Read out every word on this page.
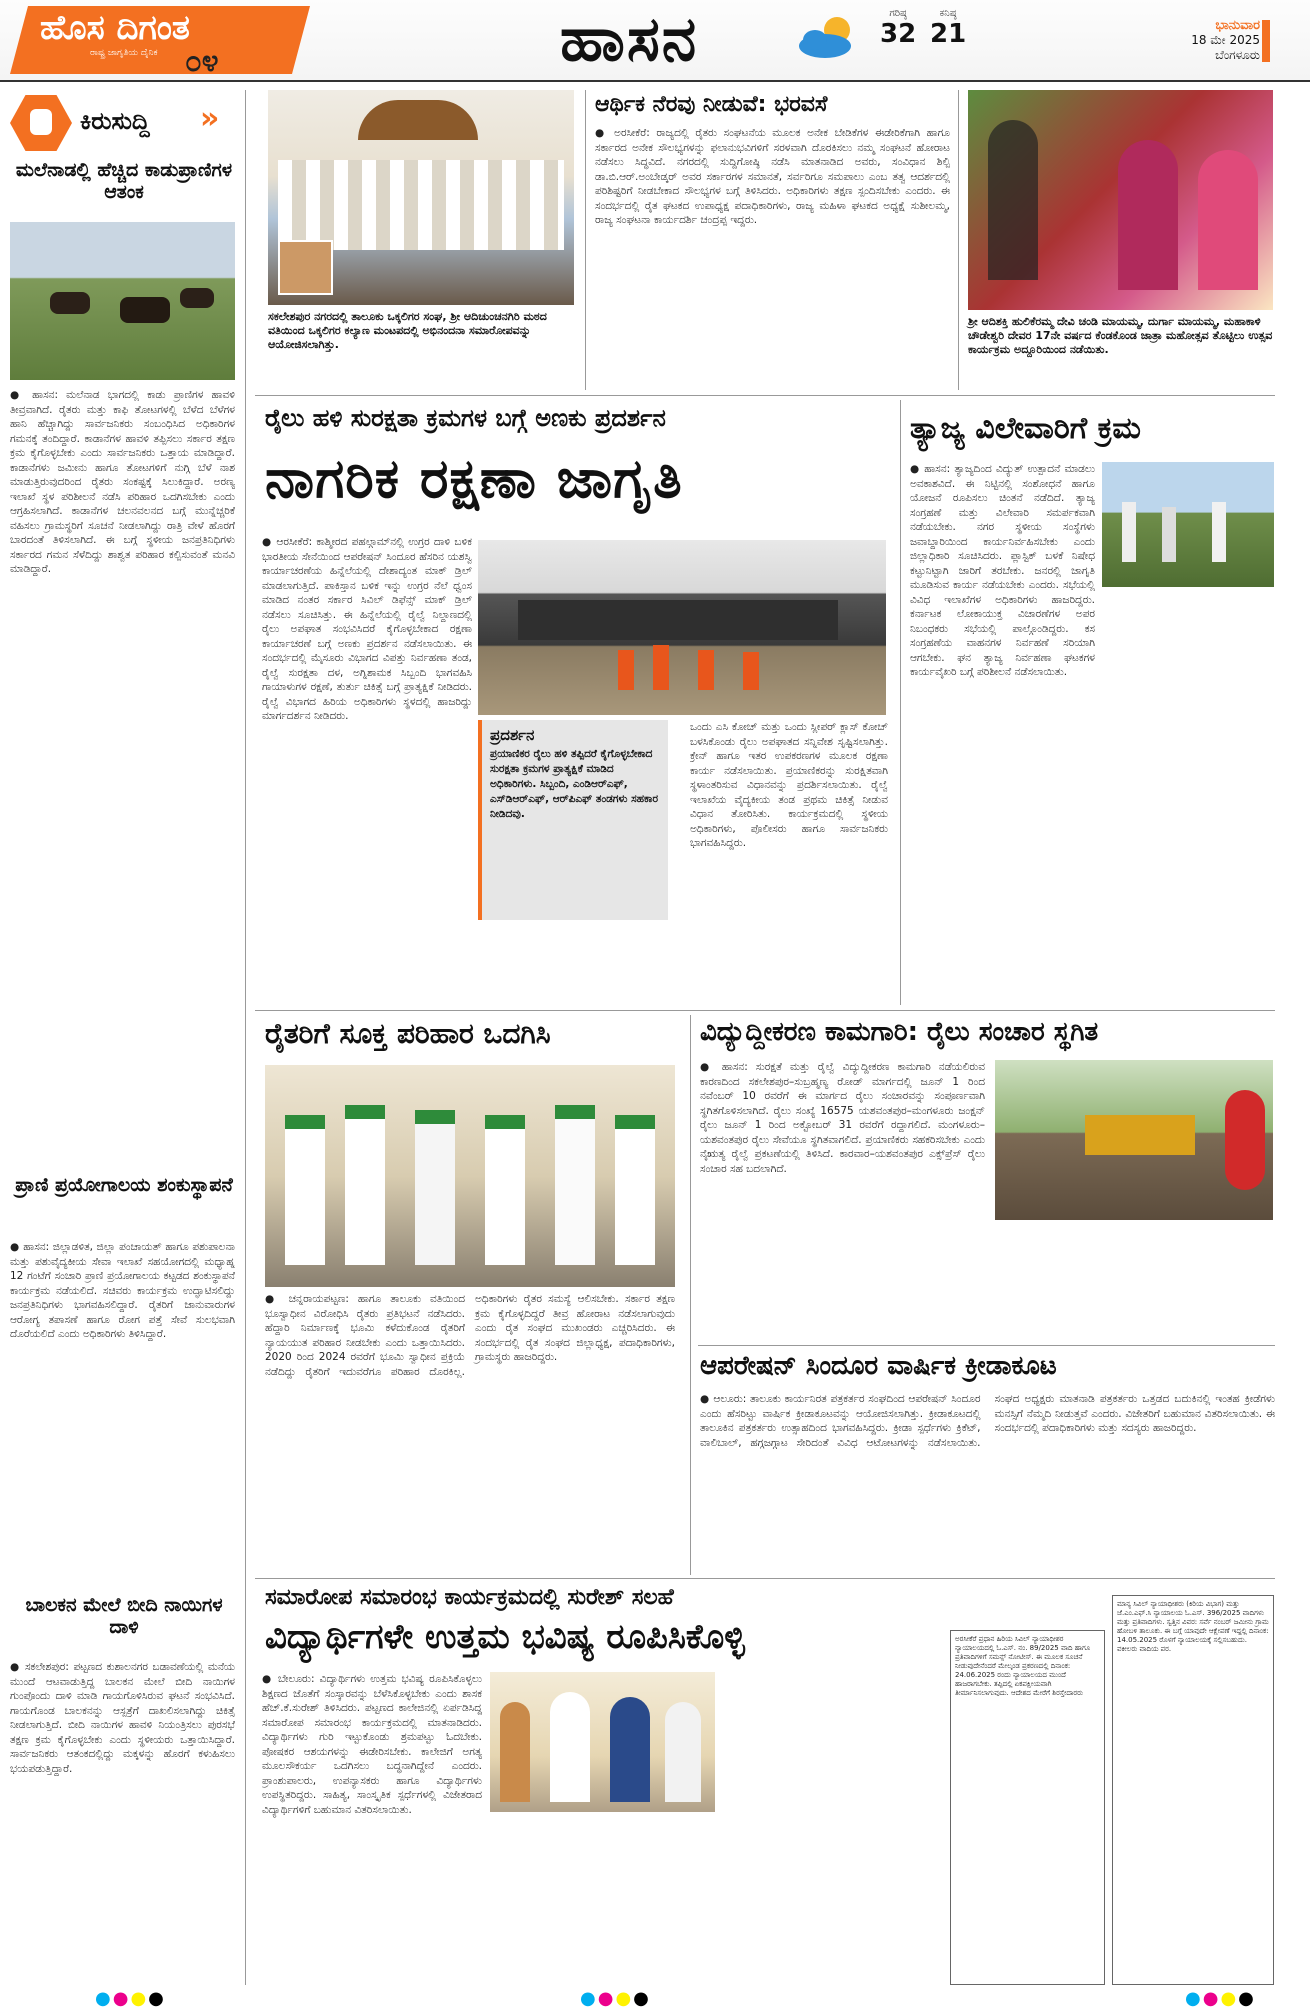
ಹೊಸ ದಿಗಂತ
ರಾಷ್ಟ್ರ ಜಾಗೃತಿಯ ದೈನಿಕ ೦೪	ಹಾಸನ	ಗರಿಷ್ಠ
32
ಕನಿಷ್ಠ
21	ಭಾನುವಾರ
18 ಮೇ 2025
ಬೆಂಗಳೂರು
ಕಿರುಸುದ್ದಿ »
ಮಲೆನಾಡಲ್ಲಿ ಹೆಚ್ಚಿದ ಕಾಡುಪ್ರಾಣಿಗಳ ಆತಂಕ
● ಹಾಸನ: ಮಲೆನಾಡ ಭಾಗದಲ್ಲಿ ಕಾಡು ಪ್ರಾಣಿಗಳ ಹಾವಳಿ ತೀವ್ರವಾಗಿದೆ. ರೈತರು ಮತ್ತು ಕಾಫಿ ತೋಟಗಳಲ್ಲಿ ಬೆಳೆದ ಬೆಳೆಗಳ ಹಾನಿ ಹೆಚ್ಚಾಗಿದ್ದು ಸಾರ್ವಜನಿಕರು ಸಂಬಂಧಿಸಿದ ಅಧಿಕಾರಿಗಳ ಗಮನಕ್ಕೆ ತಂದಿದ್ದಾರೆ. ಕಾಡಾನೆಗಳ ಹಾವಳಿ ತಪ್ಪಿಸಲು ಸರ್ಕಾರ ತಕ್ಷಣ ಕ್ರಮ ಕೈಗೊಳ್ಳಬೇಕು ಎಂದು ಸಾರ್ವಜನಿಕರು ಒತ್ತಾಯ ಮಾಡಿದ್ದಾರೆ. ಕಾಡಾನೆಗಳು ಜಮೀನು ಹಾಗೂ ತೋಟಗಳಿಗೆ ನುಗ್ಗಿ ಬೆಳೆ ನಾಶ ಮಾಡುತ್ತಿರುವುದರಿಂದ ರೈತರು ಸಂಕಷ್ಟಕ್ಕೆ ಸಿಲುಕಿದ್ದಾರೆ. ಅರಣ್ಯ ಇಲಾಖೆ ಸ್ಥಳ ಪರಿಶೀಲನೆ ನಡೆಸಿ ಪರಿಹಾರ ಒದಗಿಸಬೇಕು ಎಂದು ಆಗ್ರಹಿಸಲಾಗಿದೆ. ಕಾಡಾನೆಗಳ ಚಲನವಲನದ ಬಗ್ಗೆ ಮುನ್ನೆಚ್ಚರಿಕೆ ವಹಿಸಲು ಗ್ರಾಮಸ್ಥರಿಗೆ ಸೂಚನೆ ನೀಡಲಾಗಿದ್ದು ರಾತ್ರಿ ವೇಳೆ ಹೊರಗೆ ಬಾರದಂತೆ ತಿಳಿಸಲಾಗಿದೆ. ಈ ಬಗ್ಗೆ ಸ್ಥಳೀಯ ಜನಪ್ರತಿನಿಧಿಗಳು ಸರ್ಕಾರದ ಗಮನ ಸೆಳೆದಿದ್ದು ಶಾಶ್ವತ ಪರಿಹಾರ ಕಲ್ಪಿಸುವಂತೆ ಮನವಿ ಮಾಡಿದ್ದಾರೆ.
ಪ್ರಾಣಿ ಪ್ರಯೋಗಾಲಯ ಶಂಕುಸ್ಥಾಪನೆ
● ಹಾಸನ: ಜಿಲ್ಲಾಡಳಿತ, ಜಿಲ್ಲಾ ಪಂಚಾಯತ್ ಹಾಗೂ ಪಶುಪಾಲನಾ ಮತ್ತು ಪಶುವೈದ್ಯಕೀಯ ಸೇವಾ ಇಲಾಖೆ ಸಹಯೋಗದಲ್ಲಿ ಮಧ್ಯಾಹ್ನ 12 ಗಂಟೆಗೆ ಸಂಚಾರಿ ಪ್ರಾಣಿ ಪ್ರಯೋಗಾಲಯ ಕಟ್ಟಡದ ಶಂಕುಸ್ಥಾಪನೆ ಕಾರ್ಯಕ್ರಮ ನಡೆಯಲಿದೆ. ಸಚಿವರು ಕಾರ್ಯಕ್ರಮ ಉದ್ಘಾಟಿಸಲಿದ್ದು ಜನಪ್ರತಿನಿಧಿಗಳು ಭಾಗವಹಿಸಲಿದ್ದಾರೆ. ರೈತರಿಗೆ ಜಾನುವಾರುಗಳ ಆರೋಗ್ಯ ತಪಾಸಣೆ ಹಾಗೂ ರೋಗ ಪತ್ತೆ ಸೇವೆ ಸುಲಭವಾಗಿ ದೊರೆಯಲಿದೆ ಎಂದು ಅಧಿಕಾರಿಗಳು ತಿಳಿಸಿದ್ದಾರೆ.
ಬಾಲಕನ ಮೇಲೆ ಬೀದಿ ನಾಯಿಗಳ ದಾಳಿ
● ಸಕಲೇಶಪುರ: ಪಟ್ಟಣದ ಕುಶಾಲನಗರ ಬಡಾವಣೆಯಲ್ಲಿ ಮನೆಯ ಮುಂದೆ ಆಟವಾಡುತ್ತಿದ್ದ ಬಾಲಕನ ಮೇಲೆ ಬೀದಿ ನಾಯಿಗಳ ಗುಂಪೊಂದು ದಾಳಿ ಮಾಡಿ ಗಾಯಗೊಳಿಸಿರುವ ಘಟನೆ ಸಂಭವಿಸಿದೆ. ಗಾಯಗೊಂಡ ಬಾಲಕನನ್ನು ಆಸ್ಪತ್ರೆಗೆ ದಾಖಲಿಸಲಾಗಿದ್ದು ಚಿಕಿತ್ಸೆ ನೀಡಲಾಗುತ್ತಿದೆ. ಬೀದಿ ನಾಯಿಗಳ ಹಾವಳಿ ನಿಯಂತ್ರಿಸಲು ಪುರಸಭೆ ತಕ್ಷಣ ಕ್ರಮ ಕೈಗೊಳ್ಳಬೇಕು ಎಂದು ಸ್ಥಳೀಯರು ಒತ್ತಾಯಿಸಿದ್ದಾರೆ. ಸಾರ್ವಜನಿಕರು ಆತಂಕದಲ್ಲಿದ್ದು ಮಕ್ಕಳನ್ನು ಹೊರಗೆ ಕಳುಹಿಸಲು ಭಯಪಡುತ್ತಿದ್ದಾರೆ.
ಸಕಲೇಶಪುರ ನಗರದಲ್ಲಿ ತಾಲೂಕು ಒಕ್ಕಲಿಗರ ಸಂಘ, ಶ್ರೀ ಆದಿಚುಂಚನಗಿರಿ ಮಠದ ವತಿಯಿಂದ ಒಕ್ಕಲಿಗರ ಕಲ್ಯಾಣ ಮಂಟಪದಲ್ಲಿ ಅಭಿನಂದನಾ ಸಮಾರೋಪವನ್ನು ಆಯೋಜಿಸಲಾಗಿತ್ತು.
ಆರ್ಥಿಕ ನೆರವು ನೀಡುವೆ: ಭರವಸೆ
● ಅರಸೀಕೆರೆ: ರಾಜ್ಯದಲ್ಲಿ ರೈತರು ಸಂಘಟನೆಯ ಮೂಲಕ ಅನೇಕ ಬೇಡಿಕೆಗಳ ಈಡೇರಿಕೆಗಾಗಿ ಹಾಗೂ ಸರ್ಕಾರದ ಅನೇಕ ಸೌಲಭ್ಯಗಳನ್ನು ಫಲಾನುಭವಿಗಳಿಗೆ ಸರಳವಾಗಿ ದೊರಕಿಸಲು ನಮ್ಮ ಸಂಘಟನೆ ಹೋರಾಟ ನಡೆಸಲು ಸಿದ್ಧವಿದೆ. ನಗರದಲ್ಲಿ ಸುದ್ದಿಗೋಷ್ಠಿ ನಡೆಸಿ ಮಾತನಾಡಿದ ಅವರು, ಸಂವಿಧಾನ ಶಿಲ್ಪಿ ಡಾ.ಬಿ.ಆರ್.ಅಂಬೇಡ್ಕರ್ ಅವರ ಸರ್ಕಾರಗಳ ಸಮಾನತೆ, ಸರ್ವರಿಗೂ ಸಮಪಾಲು ಎಂಬ ತತ್ವ ಆದರ್ಶದಲ್ಲಿ ಪರಿಶಿಷ್ಟರಿಗೆ ನೀಡಬೇಕಾದ ಸೌಲಭ್ಯಗಳ ಬಗ್ಗೆ ತಿಳಿಸಿದರು. ಅಧಿಕಾರಿಗಳು ತಕ್ಷಣ ಸ್ಪಂದಿಸಬೇಕು ಎಂದರು. ಈ ಸಂದರ್ಭದಲ್ಲಿ ರೈತ ಘಟಕದ ಉಪಾಧ್ಯಕ್ಷ ಪದಾಧಿಕಾರಿಗಳು, ರಾಜ್ಯ ಮಹಿಳಾ ಘಟಕದ ಅಧ್ಯಕ್ಷೆ ಸುಶೀಲಮ್ಮ, ರಾಜ್ಯ ಸಂಘಟನಾ ಕಾರ್ಯದರ್ಶಿ ಚಂದ್ರಪ್ಪ ಇದ್ದರು.
ಶ್ರೀ ಆದಿಶಕ್ತಿ ಹುಲಿಕೆರಮ್ಮ ದೇವಿ ಚಂಡಿ ಮಾಯಮ್ಮ, ದುರ್ಗಾ ಮಾಯಮ್ಮ, ಮಹಾಕಾಳಿ ಚೌಡೇಶ್ವರಿ ದೇವರ 17ನೇ ವರ್ಷದ ಕೆಂಡಕೊಂಡ ಜಾತ್ರಾ ಮಹೋತ್ಸವ ತೊಟ್ಟಿಲು ಉತ್ಸವ ಕಾರ್ಯಕ್ರಮ ಅದ್ದೂರಿಯಿಂದ ನಡೆಯಿತು.
ರೈಲು ಹಳಿ ಸುರಕ್ಷತಾ ಕ್ರಮಗಳ ಬಗ್ಗೆ ಅಣಕು ಪ್ರದರ್ಶನ
ನಾಗರಿಕ ರಕ್ಷಣಾ ಜಾಗೃತಿ
● ಆರಸೀಕೆರೆ: ಕಾಶ್ಮೀರದ ಪಹಲ್ಗಾಮ್‌ನಲ್ಲಿ ಉಗ್ರರ ದಾಳಿ ಬಳಿಕ ಭಾರತೀಯ ಸೇನೆಯಿಂದ ಆಪರೇಷನ್ ಸಿಂದೂರ ಹೆಸರಿನ ಯಶಸ್ವಿ ಕಾರ್ಯಾಚರಣೆಯ ಹಿನ್ನೆಲೆಯಲ್ಲಿ ದೇಶಾದ್ಯಂತ ಮಾಕ್ ಡ್ರಿಲ್ ಮಾಡಲಾಗುತ್ತಿದೆ. ಪಾಕಿಸ್ತಾನ ಬಳಿಕ ಇನ್ನು ಉಗ್ರರ ನೆಲೆ ಧ್ವಂಸ ಮಾಡಿದ ನಂತರ ಸರ್ಕಾರ ಸಿವಿಲ್ ಡಿಫೆನ್ಸ್ ಮಾಕ್ ಡ್ರಿಲ್ ನಡೆಸಲು ಸೂಚಿಸಿತ್ತು. ಈ ಹಿನ್ನೆಲೆಯಲ್ಲಿ ರೈಲ್ವೆ ನಿಲ್ದಾಣದಲ್ಲಿ ರೈಲು ಅಪಘಾತ ಸಂಭವಿಸಿದರೆ ಕೈಗೊಳ್ಳಬೇಕಾದ ರಕ್ಷಣಾ ಕಾರ್ಯಾಚರಣೆ ಬಗ್ಗೆ ಅಣಕು ಪ್ರದರ್ಶನ ನಡೆಸಲಾಯಿತು. ಈ ಸಂದರ್ಭದಲ್ಲಿ ಮೈಸೂರು ವಿಭಾಗದ ವಿಪತ್ತು ನಿರ್ವಹಣಾ ತಂಡ, ರೈಲ್ವೆ ಸುರಕ್ಷತಾ ದಳ, ಅಗ್ನಿಶಾಮಕ ಸಿಬ್ಬಂದಿ ಭಾಗವಹಿಸಿ ಗಾಯಾಳುಗಳ ರಕ್ಷಣೆ, ತುರ್ತು ಚಿಕಿತ್ಸೆ ಬಗ್ಗೆ ಪ್ರಾತ್ಯಕ್ಷಿಕೆ ನೀಡಿದರು. ರೈಲ್ವೆ ವಿಭಾಗದ ಹಿರಿಯ ಅಧಿಕಾರಿಗಳು ಸ್ಥಳದಲ್ಲಿ ಹಾಜರಿದ್ದು ಮಾರ್ಗದರ್ಶನ ನೀಡಿದರು.
ಪ್ರದರ್ಶನ
ಪ್ರಯಾಣಿಕರ ರೈಲು ಹಳಿ ತಪ್ಪಿದರೆ ಕೈಗೊಳ್ಳಬೇಕಾದ ಸುರಕ್ಷತಾ ಕ್ರಮಗಳ ಪ್ರಾತ್ಯಕ್ಷಿಕೆ ಮಾಡಿದ ಅಧಿಕಾರಿಗಳು. ಸಿಬ್ಬಂದಿ, ಎಂಡಿಆರ್‌ಎಫ್, ಎಸ್‌ಡಿಆರ್‌ಎಫ್, ಆರ್‌ಪಿಎಫ್ ತಂಡಗಳು ಸಹಕಾರ ನೀಡಿದವು.
ಒಂದು ಎಸಿ ಕೋಚ್ ಮತ್ತು ಒಂದು ಸ್ಲೀಪರ್ ಕ್ಲಾಸ್ ಕೋಚ್ ಬಳಸಿಕೊಂಡು ರೈಲು ಅಪಘಾತದ ಸನ್ನಿವೇಶ ಸೃಷ್ಟಿಸಲಾಗಿತ್ತು. ಕ್ರೇನ್ ಹಾಗೂ ಇತರ ಉಪಕರಣಗಳ ಮೂಲಕ ರಕ್ಷಣಾ ಕಾರ್ಯ ನಡೆಸಲಾಯಿತು. ಪ್ರಯಾಣಿಕರನ್ನು ಸುರಕ್ಷಿತವಾಗಿ ಸ್ಥಳಾಂತರಿಸುವ ವಿಧಾನವನ್ನು ಪ್ರದರ್ಶಿಸಲಾಯಿತು. ರೈಲ್ವೆ ಇಲಾಖೆಯ ವೈದ್ಯಕೀಯ ತಂಡ ಪ್ರಥಮ ಚಿಕಿತ್ಸೆ ನೀಡುವ ವಿಧಾನ ತೋರಿಸಿತು. ಕಾರ್ಯಕ್ರಮದಲ್ಲಿ ಸ್ಥಳೀಯ ಅಧಿಕಾರಿಗಳು, ಪೊಲೀಸರು ಹಾಗೂ ಸಾರ್ವಜನಿಕರು ಭಾಗವಹಿಸಿದ್ದರು.
ತ್ಯಾಜ್ಯ ವಿಲೇವಾರಿಗೆ ಕ್ರಮ
● ಹಾಸನ: ತ್ಯಾಜ್ಯದಿಂದ ವಿದ್ಯುತ್ ಉತ್ಪಾದನೆ ಮಾಡಲು ಅವಕಾಶವಿದೆ. ಈ ನಿಟ್ಟಿನಲ್ಲಿ ಸಂಶೋಧನೆ ಹಾಗೂ ಯೋಜನೆ ರೂಪಿಸಲು ಚಿಂತನೆ ನಡೆದಿದೆ. ತ್ಯಾಜ್ಯ ಸಂಗ್ರಹಣೆ ಮತ್ತು ವಿಲೇವಾರಿ ಸಮರ್ಪಕವಾಗಿ ನಡೆಯಬೇಕು. ನಗರ ಸ್ಥಳೀಯ ಸಂಸ್ಥೆಗಳು ಜವಾಬ್ದಾರಿಯಿಂದ ಕಾರ್ಯನಿರ್ವಹಿಸಬೇಕು ಎಂದು ಜಿಲ್ಲಾಧಿಕಾರಿ ಸೂಚಿಸಿದರು. ಪ್ಲಾಸ್ಟಿಕ್ ಬಳಕೆ ನಿಷೇಧ ಕಟ್ಟುನಿಟ್ಟಾಗಿ ಜಾರಿಗೆ ತರಬೇಕು. ಜನರಲ್ಲಿ ಜಾಗೃತಿ ಮೂಡಿಸುವ ಕಾರ್ಯ ನಡೆಯಬೇಕು ಎಂದರು. ಸಭೆಯಲ್ಲಿ ವಿವಿಧ ಇಲಾಖೆಗಳ ಅಧಿಕಾರಿಗಳು ಹಾಜರಿದ್ದರು. ಕರ್ನಾಟಕ ಲೋಕಾಯುಕ್ತ ವಿಚಾರಣೆಗಳ ಅಪರ ನಿಬಂಧಕರು ಸಭೆಯಲ್ಲಿ ಪಾಲ್ಗೊಂಡಿದ್ದರು. ಕಸ ಸಂಗ್ರಹಣೆಯ ವಾಹನಗಳ ನಿರ್ವಹಣೆ ಸರಿಯಾಗಿ ಆಗಬೇಕು. ಘನ ತ್ಯಾಜ್ಯ ನಿರ್ವಹಣಾ ಘಟಕಗಳ ಕಾರ್ಯವೈಖರಿ ಬಗ್ಗೆ ಪರಿಶೀಲನೆ ನಡೆಸಲಾಯಿತು.
ರೈತರಿಗೆ ಸೂಕ್ತ ಪರಿಹಾರ ಒದಗಿಸಿ
● ಚನ್ನರಾಯಪಟ್ಟಣ: ಹಾಗೂ ತಾಲೂಕು ವತಿಯಿಂದ ಭೂಸ್ವಾಧೀನ ವಿರೋಧಿಸಿ ರೈತರು ಪ್ರತಿಭಟನೆ ನಡೆಸಿದರು. ಹೆದ್ದಾರಿ ನಿರ್ಮಾಣಕ್ಕೆ ಭೂಮಿ ಕಳೆದುಕೊಂಡ ರೈತರಿಗೆ ನ್ಯಾಯಯುತ ಪರಿಹಾರ ನೀಡಬೇಕು ಎಂದು ಒತ್ತಾಯಿಸಿದರು. 2020 ರಿಂದ 2024 ರವರೆಗೆ ಭೂಮಿ ಸ್ವಾಧೀನ ಪ್ರಕ್ರಿಯೆ ನಡೆದಿದ್ದು ರೈತರಿಗೆ ಇದುವರೆಗೂ ಪರಿಹಾರ ದೊರಕಿಲ್ಲ. ಅಧಿಕಾರಿಗಳು ರೈತರ ಸಮಸ್ಯೆ ಆಲಿಸಬೇಕು. ಸರ್ಕಾರ ತಕ್ಷಣ ಕ್ರಮ ಕೈಗೊಳ್ಳದಿದ್ದರೆ ತೀವ್ರ ಹೋರಾಟ ನಡೆಸಲಾಗುವುದು ಎಂದು ರೈತ ಸಂಘದ ಮುಖಂಡರು ಎಚ್ಚರಿಸಿದರು. ಈ ಸಂದರ್ಭದಲ್ಲಿ ರೈತ ಸಂಘದ ಜಿಲ್ಲಾಧ್ಯಕ್ಷ, ಪದಾಧಿಕಾರಿಗಳು, ಗ್ರಾಮಸ್ಥರು ಹಾಜರಿದ್ದರು.
ವಿದ್ಯುದ್ದೀಕರಣ ಕಾಮಗಾರಿ: ರೈಲು ಸಂಚಾರ ಸ್ಥಗಿತ
● ಹಾಸನ: ಸುರಕ್ಷತೆ ಮತ್ತು ರೈಲ್ವೆ ವಿದ್ಯುದ್ದೀಕರಣ ಕಾಮಗಾರಿ ನಡೆಯಲಿರುವ ಕಾರಣದಿಂದ ಸಕಲೇಶಪುರ–ಸುಬ್ರಹ್ಮಣ್ಯ ರೋಡ್ ಮಾರ್ಗದಲ್ಲಿ ಜೂನ್ 1 ರಿಂದ ನವೆಂಬರ್ 10 ರವರೆಗೆ ಈ ಮಾರ್ಗದ ರೈಲು ಸಂಚಾರವನ್ನು ಸಂಪೂರ್ಣವಾಗಿ ಸ್ಥಗಿತಗೊಳಿಸಲಾಗಿದೆ. ರೈಲು ಸಂಖ್ಯೆ 16575 ಯಶವಂತಪುರ–ಮಂಗಳೂರು ಜಂಕ್ಷನ್ ರೈಲು ಜೂನ್ 1 ರಿಂದ ಅಕ್ಟೋಬರ್ 31 ರವರೆಗೆ ರದ್ದಾಗಲಿದೆ. ಮಂಗಳೂರು–ಯಶವಂತಪುರ ರೈಲು ಸೇವೆಯೂ ಸ್ಥಗಿತವಾಗಲಿದೆ. ಪ್ರಯಾಣಿಕರು ಸಹಕರಿಸಬೇಕು ಎಂದು ನೈಋತ್ಯ ರೈಲ್ವೆ ಪ್ರಕಟಣೆಯಲ್ಲಿ ತಿಳಿಸಿದೆ. ಕಾರವಾರ–ಯಶವಂತಪುರ ಎಕ್ಸ್‌ಪ್ರೆಸ್ ರೈಲು ಸಂಚಾರ ಸಹ ಬದಲಾಗಿದೆ.
ಆಪರೇಷನ್ ಸಿಂದೂರ ವಾರ್ಷಿಕ ಕ್ರೀಡಾಕೂಟ
● ಆಲೂರು: ತಾಲೂಕು ಕಾರ್ಯನಿರತ ಪತ್ರಕರ್ತರ ಸಂಘದಿಂದ ಆಪರೇಷನ್ ಸಿಂದೂರ ಎಂದು ಹೆಸರಿಟ್ಟು ವಾರ್ಷಿಕ ಕ್ರೀಡಾಕೂಟವನ್ನು ಆಯೋಜಿಸಲಾಗಿತ್ತು. ಕ್ರೀಡಾಕೂಟದಲ್ಲಿ ತಾಲೂಕಿನ ಪತ್ರಕರ್ತರು ಉತ್ಸಾಹದಿಂದ ಭಾಗವಹಿಸಿದ್ದರು. ಕ್ರೀಡಾ ಸ್ಪರ್ಧೆಗಳು ಕ್ರಿಕೆಟ್, ವಾಲಿಬಾಲ್, ಹಗ್ಗಜಗ್ಗಾಟ ಸೇರಿದಂತೆ ವಿವಿಧ ಆಟೋಟಗಳನ್ನು ನಡೆಸಲಾಯಿತು. ಸಂಘದ ಅಧ್ಯಕ್ಷರು ಮಾತನಾಡಿ ಪತ್ರಕರ್ತರು ಒತ್ತಡದ ಬದುಕಿನಲ್ಲಿ ಇಂತಹ ಕ್ರೀಡೆಗಳು ಮನಸ್ಸಿಗೆ ನೆಮ್ಮದಿ ನೀಡುತ್ತವೆ ಎಂದರು. ವಿಜೇತರಿಗೆ ಬಹುಮಾನ ವಿತರಿಸಲಾಯಿತು. ಈ ಸಂದರ್ಭದಲ್ಲಿ ಪದಾಧಿಕಾರಿಗಳು ಮತ್ತು ಸದಸ್ಯರು ಹಾಜರಿದ್ದರು.
ಸಮಾರೋಪ ಸಮಾರಂಭ ಕಾರ್ಯಕ್ರಮದಲ್ಲಿ ಸುರೇಶ್ ಸಲಹೆ
ವಿದ್ಯಾರ್ಥಿಗಳೇ ಉತ್ತಮ ಭವಿಷ್ಯ ರೂಪಿಸಿಕೊಳ್ಳಿ
● ಬೇಲೂರು: ವಿದ್ಯಾರ್ಥಿಗಳು ಉತ್ತಮ ಭವಿಷ್ಯ ರೂಪಿಸಿಕೊಳ್ಳಲು ಶಿಕ್ಷಣದ ಜೊತೆಗೆ ಸಂಸ್ಕಾರವನ್ನು ಬೆಳೆಸಿಕೊಳ್ಳಬೇಕು ಎಂದು ಶಾಸಕ ಹೆಚ್.ಕೆ.ಸುರೇಶ್ ತಿಳಿಸಿದರು. ಪಟ್ಟಣದ ಕಾಲೇಜಿನಲ್ಲಿ ಏರ್ಪಡಿಸಿದ್ದ ಸಮಾರೋಪ ಸಮಾರಂಭ ಕಾರ್ಯಕ್ರಮದಲ್ಲಿ ಮಾತನಾಡಿದರು. ವಿದ್ಯಾರ್ಥಿಗಳು ಗುರಿ ಇಟ್ಟುಕೊಂಡು ಶ್ರಮಪಟ್ಟು ಓದಬೇಕು. ಪೋಷಕರ ಆಶಯಗಳನ್ನು ಈಡೇರಿಸಬೇಕು. ಕಾಲೇಜಿಗೆ ಅಗತ್ಯ ಮೂಲಸೌಕರ್ಯ ಒದಗಿಸಲು ಬದ್ಧನಾಗಿದ್ದೇನೆ ಎಂದರು. ಪ್ರಾಂಶುಪಾಲರು, ಉಪನ್ಯಾಸಕರು ಹಾಗೂ ವಿದ್ಯಾರ್ಥಿಗಳು ಉಪಸ್ಥಿತರಿದ್ದರು. ಸಾಹಿತ್ಯ, ಸಾಂಸ್ಕೃತಿಕ ಸ್ಪರ್ಧೆಗಳಲ್ಲಿ ವಿಜೇತರಾದ ವಿದ್ಯಾರ್ಥಿಗಳಿಗೆ ಬಹುಮಾನ ವಿತರಿಸಲಾಯಿತು.
ಅರಸೀಕೆರೆ ಪ್ರಧಾನ ಹಿರಿಯ ಸಿವಿಲ್ ನ್ಯಾಯಾಧೀಶರ ನ್ಯಾಯಾಲಯದಲ್ಲಿ ಓ.ಎಸ್. ನಂ. 89/2025 ವಾದಿ ಹಾಗೂ ಪ್ರತಿವಾದಿಗಳಿಗೆ ಸಮನ್ಸ್ ನೋಟೀಸ್. ಈ ಮೂಲಕ ಸೂಚನೆ ನೀಡುವುದೇನೆಂದರೆ ಮೇಲ್ಕಂಡ ಪ್ರಕರಣದಲ್ಲಿ ದಿನಾಂಕ: 24.06.2025 ರಂದು ನ್ಯಾಯಾಲಯದ ಮುಂದೆ ಹಾಜರಾಗಬೇಕು. ತಪ್ಪಿದಲ್ಲಿ ಏಕಪಕ್ಷೀಯವಾಗಿ ತೀರ್ಮಾನಿಸಲಾಗುವುದು. ಆದೇಶದ ಮೇರೆಗೆ ಶಿರಸ್ತೇದಾರರು
ಮಾನ್ಯ ಸಿವಿಲ್ ನ್ಯಾಯಾಧೀಶರು (ಕಿರಿಯ ವಿಭಾಗ) ಮತ್ತು ಜೆ.ಎಂ.ಎಫ್.ಸಿ ನ್ಯಾಯಾಲಯ ಓ.ಎಸ್. 396/2025 ವಾದಿಗಳು ಮತ್ತು ಪ್ರತಿವಾದಿಗಳು. ಸ್ವತ್ತಿನ ವಿವರ: ಸರ್ವೆ ನಂಬರ್ ಜಮೀನು ಗ್ರಾಮ ಹೋಬಳಿ ತಾಲೂಕು. ಈ ಬಗ್ಗೆ ಯಾವುದೇ ಆಕ್ಷೇಪಣೆ ಇದ್ದಲ್ಲಿ ದಿನಾಂಕ: 14.05.2025 ರೊಳಗೆ ನ್ಯಾಯಾಲಯಕ್ಕೆ ಸಲ್ಲಿಸಬಹುದು. ವಕೀಲರು ವಾದಿಯ ಪರ.
●●●●	●●●●	●●●●
